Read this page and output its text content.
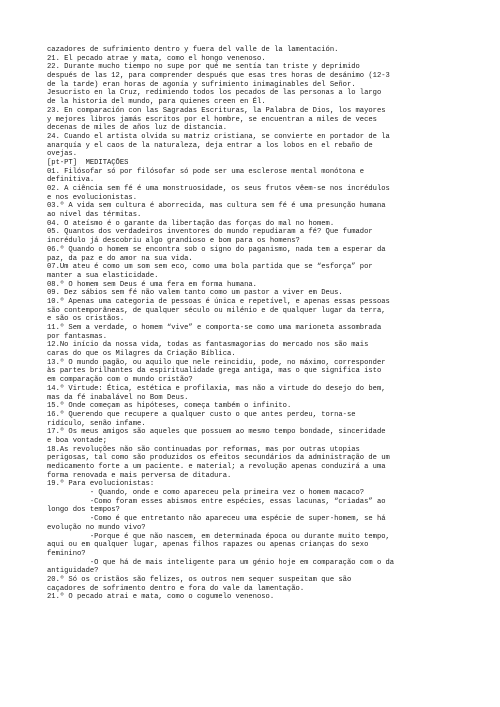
cazadores de sufrimiento dentro y fuera del valle de la lamentación.
21. El pecado atrae y mata, como el hongo venenoso.
22. Durante mucho tiempo no supe por qué me sentía tan triste y deprimido
después de las 12, para comprender después que esas tres horas de desánimo (12-3
de la tarde) eran horas de agonía y sufrimiento inimaginables del Señor.
Jesucristo en la Cruz, redimiendo todos los pecados de las personas a lo largo
de la historia del mundo, para quienes creen en Él.
23. En comparación con las Sagradas Escrituras, la Palabra de Dios, los mayores
y mejores libros jamás escritos por el hombre, se encuentran a miles de veces
decenas de miles de años luz de distancia.
24. Cuando el artista olvida su matriz cristiana, se convierte en portador de la
anarquía y el caos de la naturaleza, deja entrar a los lobos en el rebaño de
ovejas.
[pt-PT]  MEDITAÇÕES
01. Filósofar só por filósofar só pode ser uma esclerose mental monótona e
definitiva.
02. A ciência sem fé é uma monstruosidade, os seus frutos vêem-se nos incrédulos
e nos evolucionistas.
03.º A vida sem cultura é aborrecida, mas cultura sem fé é uma presunção humana
ao nível das térmitas.
04. O ateísmo é o garante da libertação das forças do mal no homem.
05. Quantos dos verdadeiros inventores do mundo repudiaram a fé? Que fumador
incrédulo já descobriu algo grandioso e bom para os homens?
06.º Quando o homem se encontra sob o signo do paganismo, nada tem a esperar da
paz, da paz e do amor na sua vida.
07.Um ateu é como um som sem eco, como uma bola partida que se “esforça” por
manter a sua elasticidade.
08.º O homem sem Deus é uma fera em forma humana.
09. Dez sábios sem fé não valem tanto como um pastor a viver em Deus.
10.º Apenas uma categoria de pessoas é única e repetível, e apenas essas pessoas
são contemporâneas, de qualquer século ou milénio e de qualquer lugar da terra,
e são os cristãos.
11.º Sem a verdade, o homem “vive” e comporta-se como uma marioneta assombrada
por fantasmas.
12.No início da nossa vida, todas as fantasmagorias do mercado nos são mais
caras do que os Milagres da Criação Bíblica.
13.º O mundo pagão, ou aquilo que nele reincidiu, pode, no máximo, corresponder
às partes brilhantes da espiritualidade grega antiga, mas o que significa isto
em comparação com o mundo cristão?
14.º Virtude: Ética, estética e profilaxia, mas não a virtude do desejo do bem,
mas da fé inabalável no Bom Deus.
15.º Onde começam as hipóteses, começa também o infinito.
16.º Querendo que recupere a qualquer custo o que antes perdeu, torna-se
ridículo, senão infame.
17.º Os meus amigos são aqueles que possuem ao mesmo tempo bondade, sinceridade
e boa vontade;
18.As revoluções não são continuadas por reformas, mas por outras utopias
perigosas, tal como são produzidos os efeitos secundários da administração de um
medicamento forte a um paciente. e material; a revolução apenas conduzirá a uma
forma renovada e mais perversa de ditadura.
19.º Para evolucionistas:
- Quando, onde e como apareceu pela primeira vez o homem macaco?
-Como foram esses abismos entre espécies, essas lacunas, “criadas” ao
longo dos tempos?
-Como é que entretanto não apareceu uma espécie de super-homem, se há
evolução no mundo vivo?
-Porque é que não nascem, em determinada época ou durante muito tempo,
aqui ou em qualquer lugar, apenas filhos rapazes ou apenas crianças do sexo
feminino?
-O que há de mais inteligente para um génio hoje em comparação com o da
antiguidade?
20.º Só os cristãos são felizes, os outros nem sequer suspeitam que são
caçadores de sofrimento dentro e fora do vale da lamentação.
21.º O pecado atrai e mata, como o cogumelo venenoso.
